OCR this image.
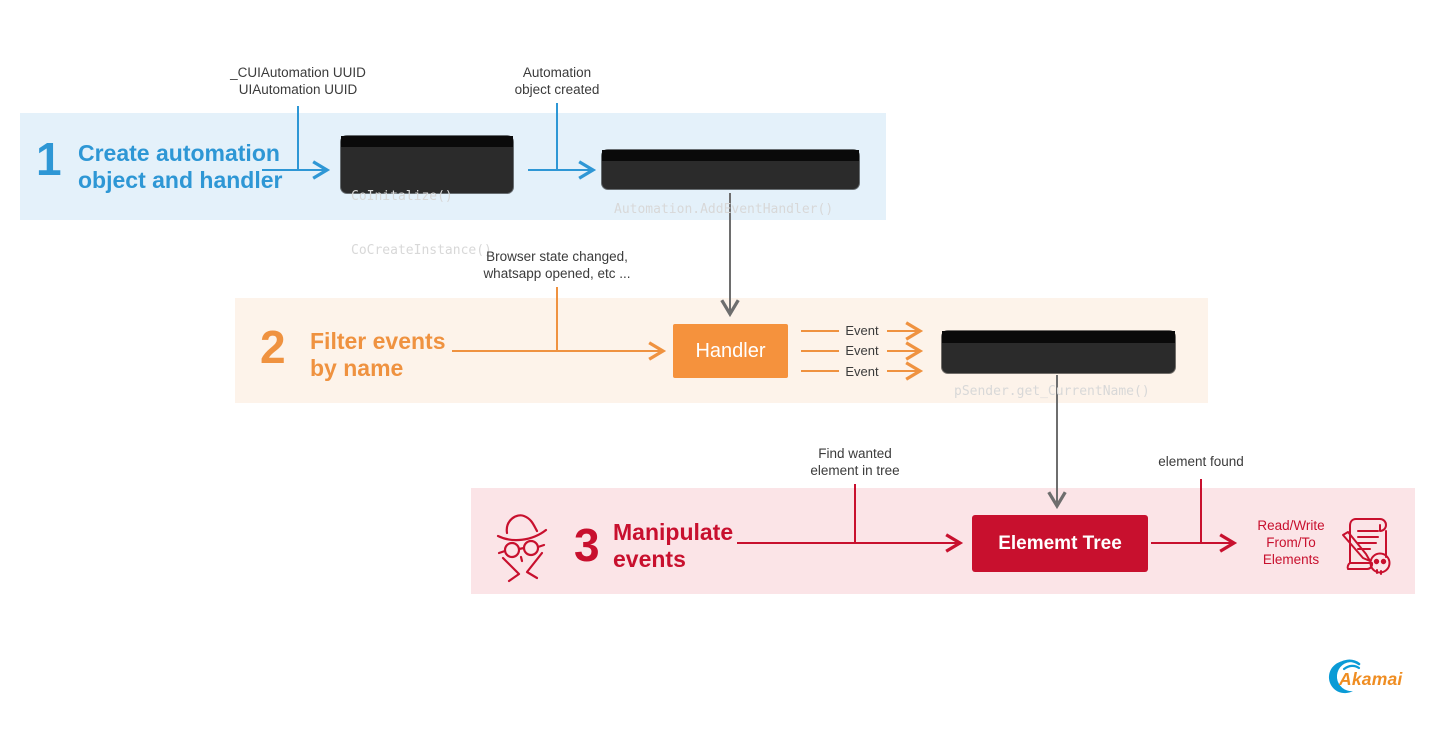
1 Create automation
object and handler
_CUIAutomation UUID
UIAutomation UUID
Automation
object created

CoInitalize()

CoCreateInstance()

Automation.AddEventHandler()

2 Filter events
by name
Browser state changed,
whatsapp opened, etc ...
Handler
Event
Event
Event

pSender.get_CurrentName()

3 Manipulate
events
Find wanted
element in tree
Elememt Tree
element found
Read/Write
From/To
Elements
Akamai
